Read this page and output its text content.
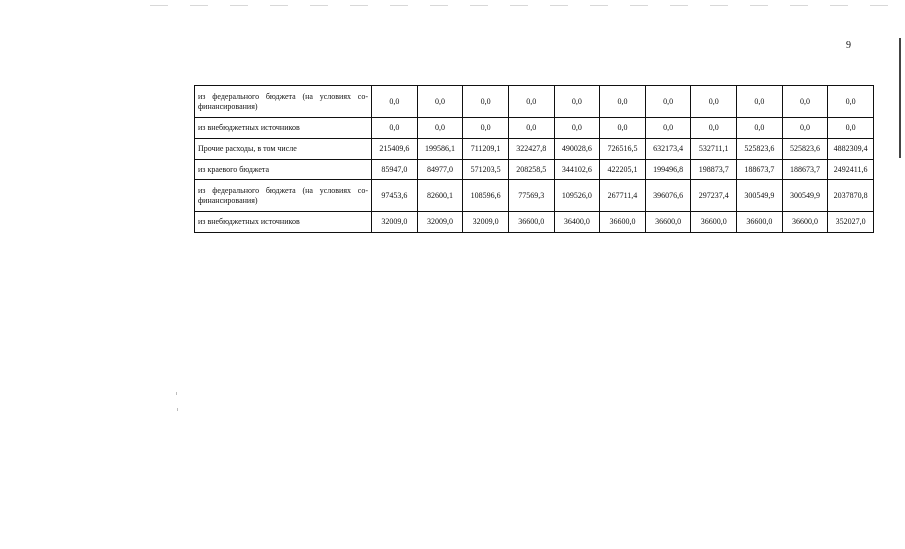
9
из федерального бюджета (на условиях со-финансирования)	0,0	0,0	0,0	0,0	0,0	0,0	0,0	0,0	0,0	0,0	0,0
из внебюджетных источников	0,0	0,0	0,0	0,0	0,0	0,0	0,0	0,0	0,0	0,0	0,0
Прочие расходы, в том числе	215409,6	199586,1	711209,1	322427,8	490028,6	726516,5	632173,4	532711,1	525823,6	525823,6	4882309,4
из краевого бюджета	85947,0	84977,0	571203,5	208258,5	344102,6	422205,1	199496,8	198873,7	188673,7	188673,7	2492411,6
из федерального бюджета (на условиях со-финансирования)	97453,6	82600,1	108596,6	77569,3	109526,0	267711,4	396076,6	297237,4	300549,9	300549,9	2037870,8
из внебюджетных источников	32009,0	32009,0	32009,0	36600,0	36400,0	36600,0	36600,0	36600,0	36600,0	36600,0	352027,0
